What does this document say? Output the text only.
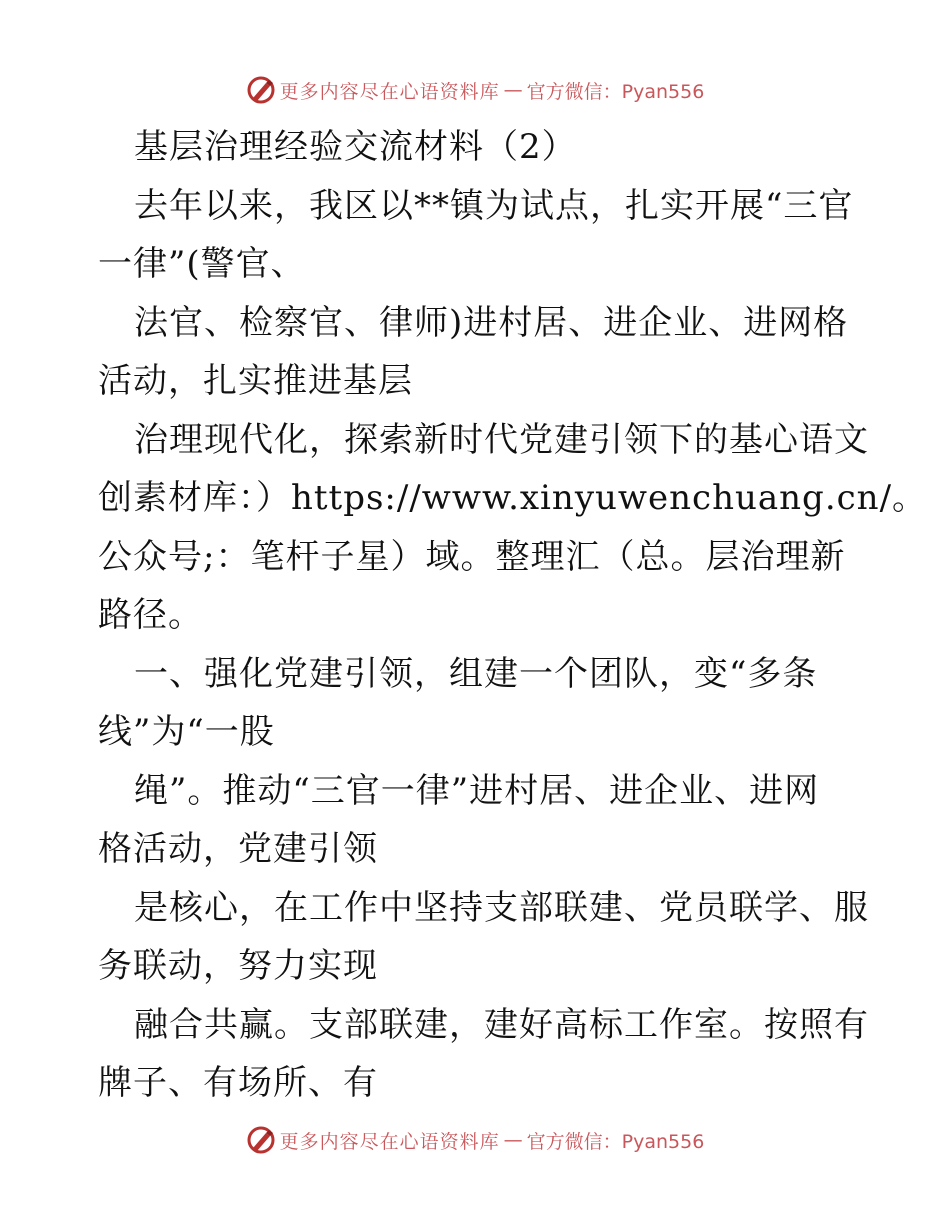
更多内容尽在心语资料库 — 官方微信：Pyan556
基层治理经验交流材料（2）
去年以来，我区以**镇为试点，扎实开展“三官
一律”(警官、
法官、检察官、律师)进村居、进企业、进网格
活动，扎实推进基层
治理现代化，探索新时代党建引领下的基心语文
创素材库：）https://www.xinyuwenchuang.cn/。
公众号;：笔杆子星）域。整理汇（总。层治理新
路径。
一、强化党建引领，组建一个团队，变“多条
线”为“一股
绳”。推动“三官一律”进村居、进企业、进网
格活动，党建引领
是核心，在工作中坚持支部联建、党员联学、服
务联动，努力实现
融合共赢。支部联建，建好高标工作室。按照有
牌子、有场所、有
更多内容尽在心语资料库 — 官方微信：Pyan556
